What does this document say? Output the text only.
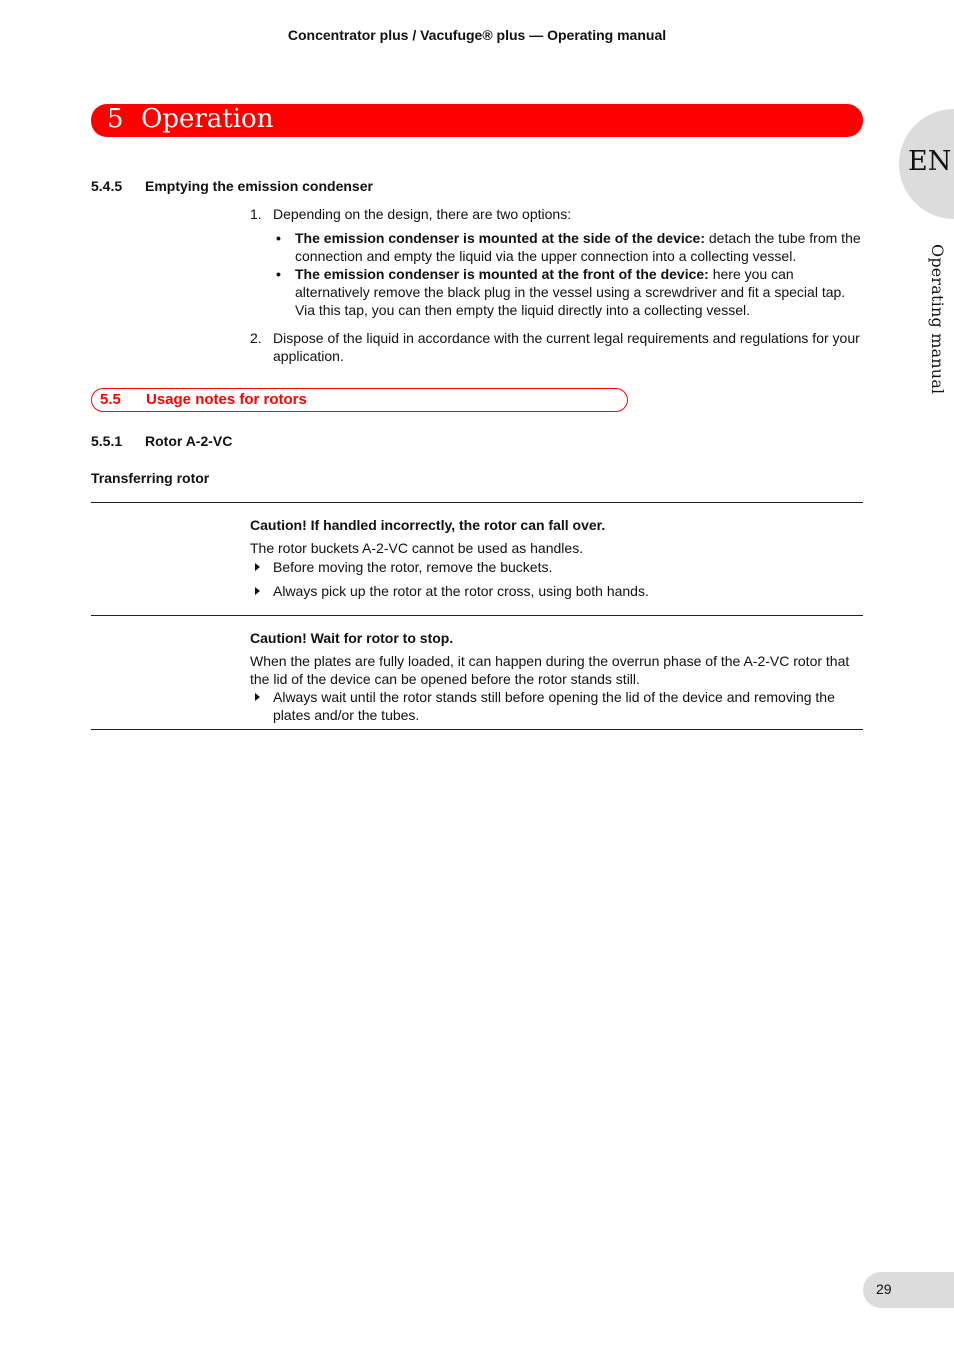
Concentrator plus / Vacufuge® plus — Operating manual
5 Operation
EN
Operating manual
5.4.5 Emptying the emission condenser
1. Depending on the design, there are two options:
• The emission condenser is mounted at the side of the device: detach the tube from the connection and empty the liquid via the upper connection into a collecting vessel.
• The emission condenser is mounted at the front of the device: here you can alternatively remove the black plug in the vessel using a screwdriver and fit a special tap. Via this tap, you can then empty the liquid directly into a collecting vessel.
2. Dispose of the liquid in accordance with the current legal requirements and regulations for your application.
5.5 Usage notes for rotors
5.5.1 Rotor A-2-VC
Transferring rotor
Caution! If handled incorrectly, the rotor can fall over.
The rotor buckets A-2-VC cannot be used as handles.
Before moving the rotor, remove the buckets.
Always pick up the rotor at the rotor cross, using both hands.
Caution! Wait for rotor to stop.
When the plates are fully loaded, it can happen during the overrun phase of the A-2-VC rotor that the lid of the device can be opened before the rotor stands still.
Always wait until the rotor stands still before opening the lid of the device and removing the plates and/or the tubes.
29
